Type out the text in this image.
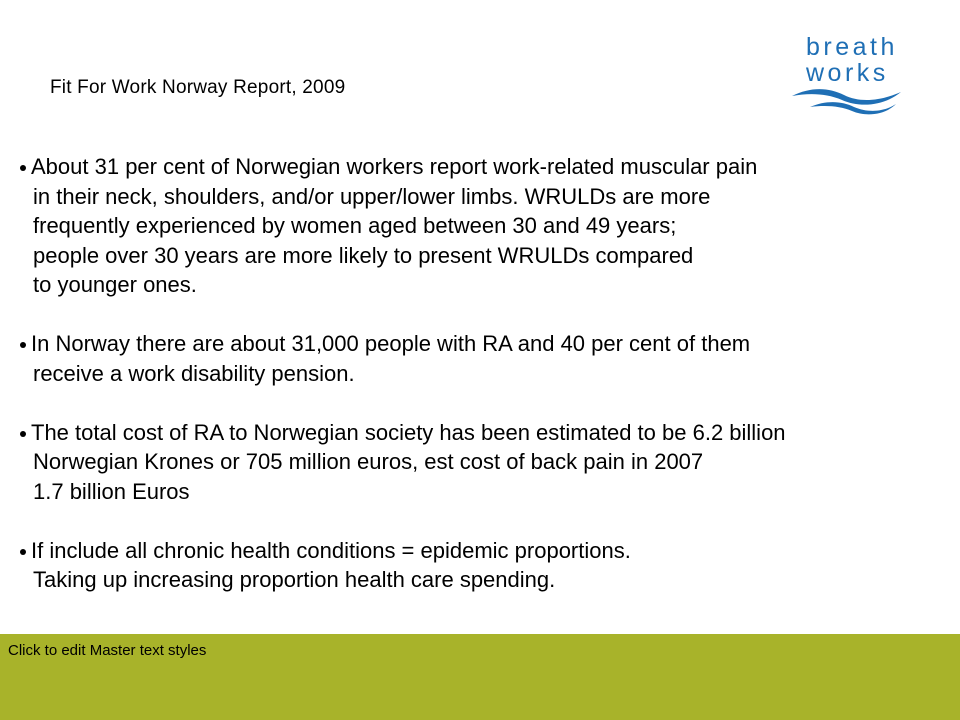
Fit For Work Norway Report, 2009
breath
works
About 31 per cent of Norwegian workers report work-related muscular pain
in their neck, shoulders, and/or upper/lower limbs. WRULDs are more
frequently experienced by women aged between 30 and 49 years;
people over 30 years are more likely to present WRULDs compared
to younger ones.
In Norway there are about 31,000 people with RA and 40 per cent of them
receive a work disability pension.
The total cost of RA to Norwegian society has been estimated to be 6.2 billion
Norwegian Krones or 705 million euros, est cost of back pain in 2007
1.7 billion Euros
If include all chronic health conditions = epidemic proportions.
Taking up increasing proportion health care spending.
Click to edit Master text styles
